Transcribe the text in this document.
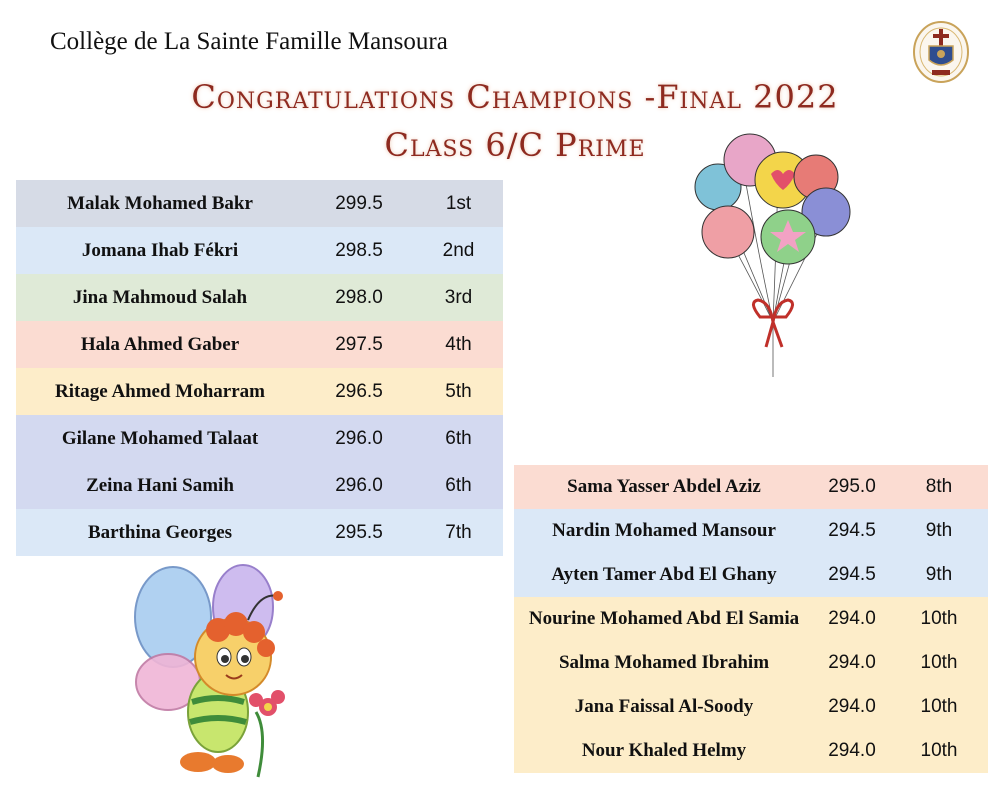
Collège de La Sainte Famille Mansoura
Congratulations Champions -Final 2022
Class 6/C Prime
Malak Mohamed Bakr	299.5	1st
Jomana Ihab Fékri	298.5	2nd
Jina Mahmoud Salah	298.0	3rd
Hala Ahmed Gaber	297.5	4th
Ritage Ahmed Moharram	296.5	5th
Gilane Mohamed Talaat	296.0	6th
Zeina Hani Samih	296.0	6th
Barthina Georges	295.5	7th
Sama Yasser Abdel Aziz	295.0	8th
Nardin Mohamed Mansour	294.5	9th
Ayten Tamer Abd El Ghany	294.5	9th
Nourine Mohamed Abd El Samia	294.0	10th
Salma Mohamed Ibrahim	294.0	10th
Jana Faissal Al-Soody	294.0	10th
Nour Khaled Helmy	294.0	10th
